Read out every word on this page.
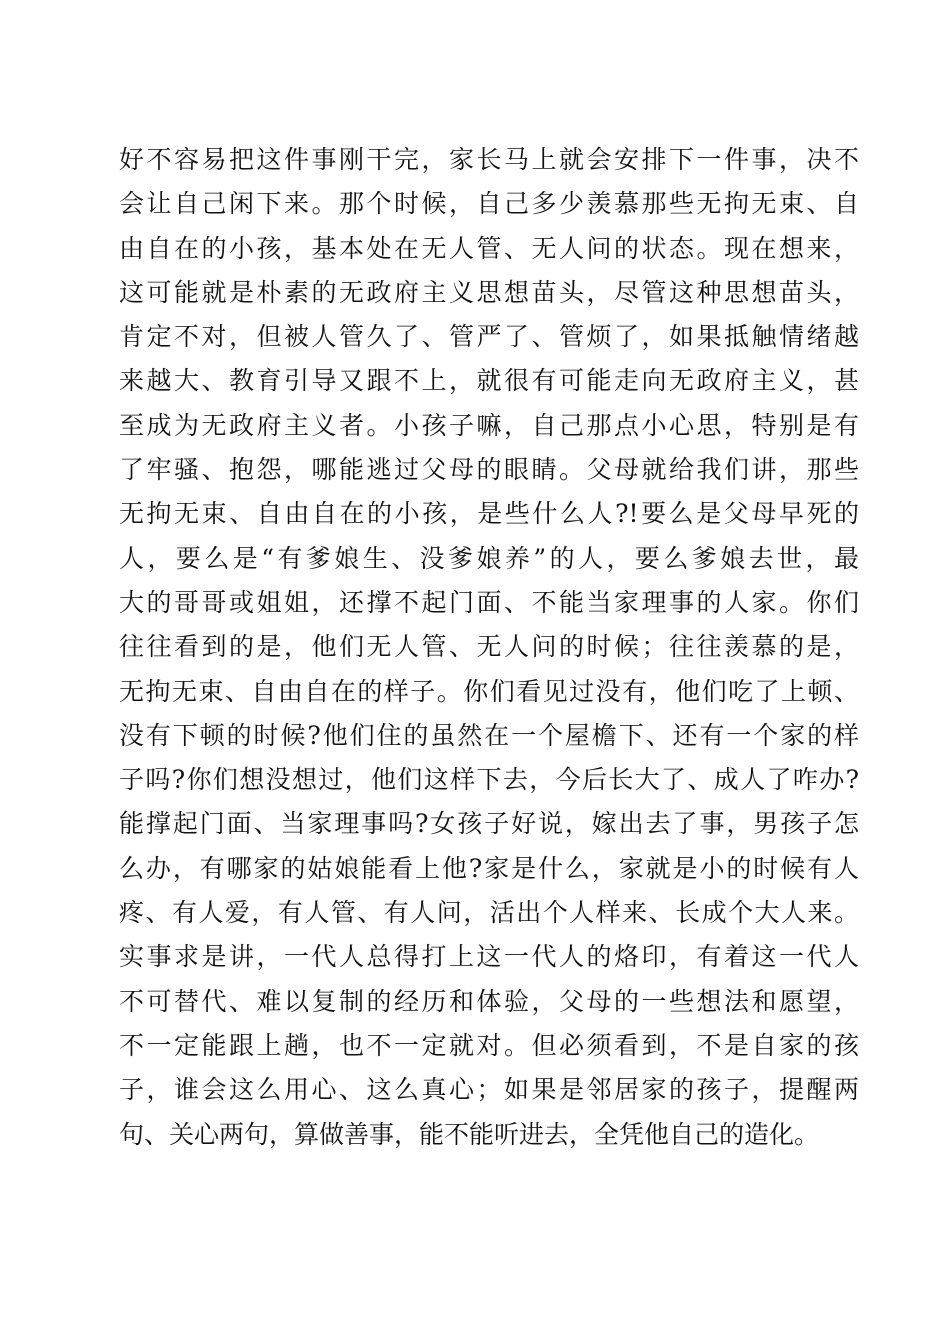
好不容易把这件事刚干完，家长马上就会安排下一件事，决不
会让自己闲下来。那个时候，自己多少羡慕那些无拘无束、自
由自在的小孩，基本处在无人管、无人问的状态。现在想来，
这可能就是朴素的无政府主义思想苗头，尽管这种思想苗头，
肯定不对，但被人管久了、管严了、管烦了，如果抵触情绪越
来越大、教育引导又跟不上，就很有可能走向无政府主义，甚
至成为无政府主义者。小孩子嘛，自己那点小心思，特别是有
了牢骚、抱怨，哪能逃过父母的眼睛。父母就给我们讲，那些
无拘无束、自由自在的小孩，是些什么人?!要么是父母早死的
人，要么是“有爹娘生、没爹娘养”的人，要么爹娘去世，最
大的哥哥或姐姐，还撑不起门面、不能当家理事的人家。你们
往往看到的是，他们无人管、无人问的时候；往往羡慕的是，
无拘无束、自由自在的样子。你们看见过没有，他们吃了上顿、
没有下顿的时候?他们住的虽然在一个屋檐下、还有一个家的样
子吗?你们想没想过，他们这样下去，今后长大了、成人了咋办?
能撑起门面、当家理事吗?女孩子好说，嫁出去了事，男孩子怎
么办，有哪家的姑娘能看上他?家是什么，家就是小的时候有人
疼、有人爱，有人管、有人问，活出个人样来、长成个大人来。
实事求是讲，一代人总得打上这一代人的烙印，有着这一代人
不可替代、难以复制的经历和体验，父母的一些想法和愿望，
不一定能跟上趟，也不一定就对。但必须看到，不是自家的孩
子，谁会这么用心、这么真心；如果是邻居家的孩子，提醒两
句、关心两句，算做善事，能不能听进去，全凭他自己的造化。
